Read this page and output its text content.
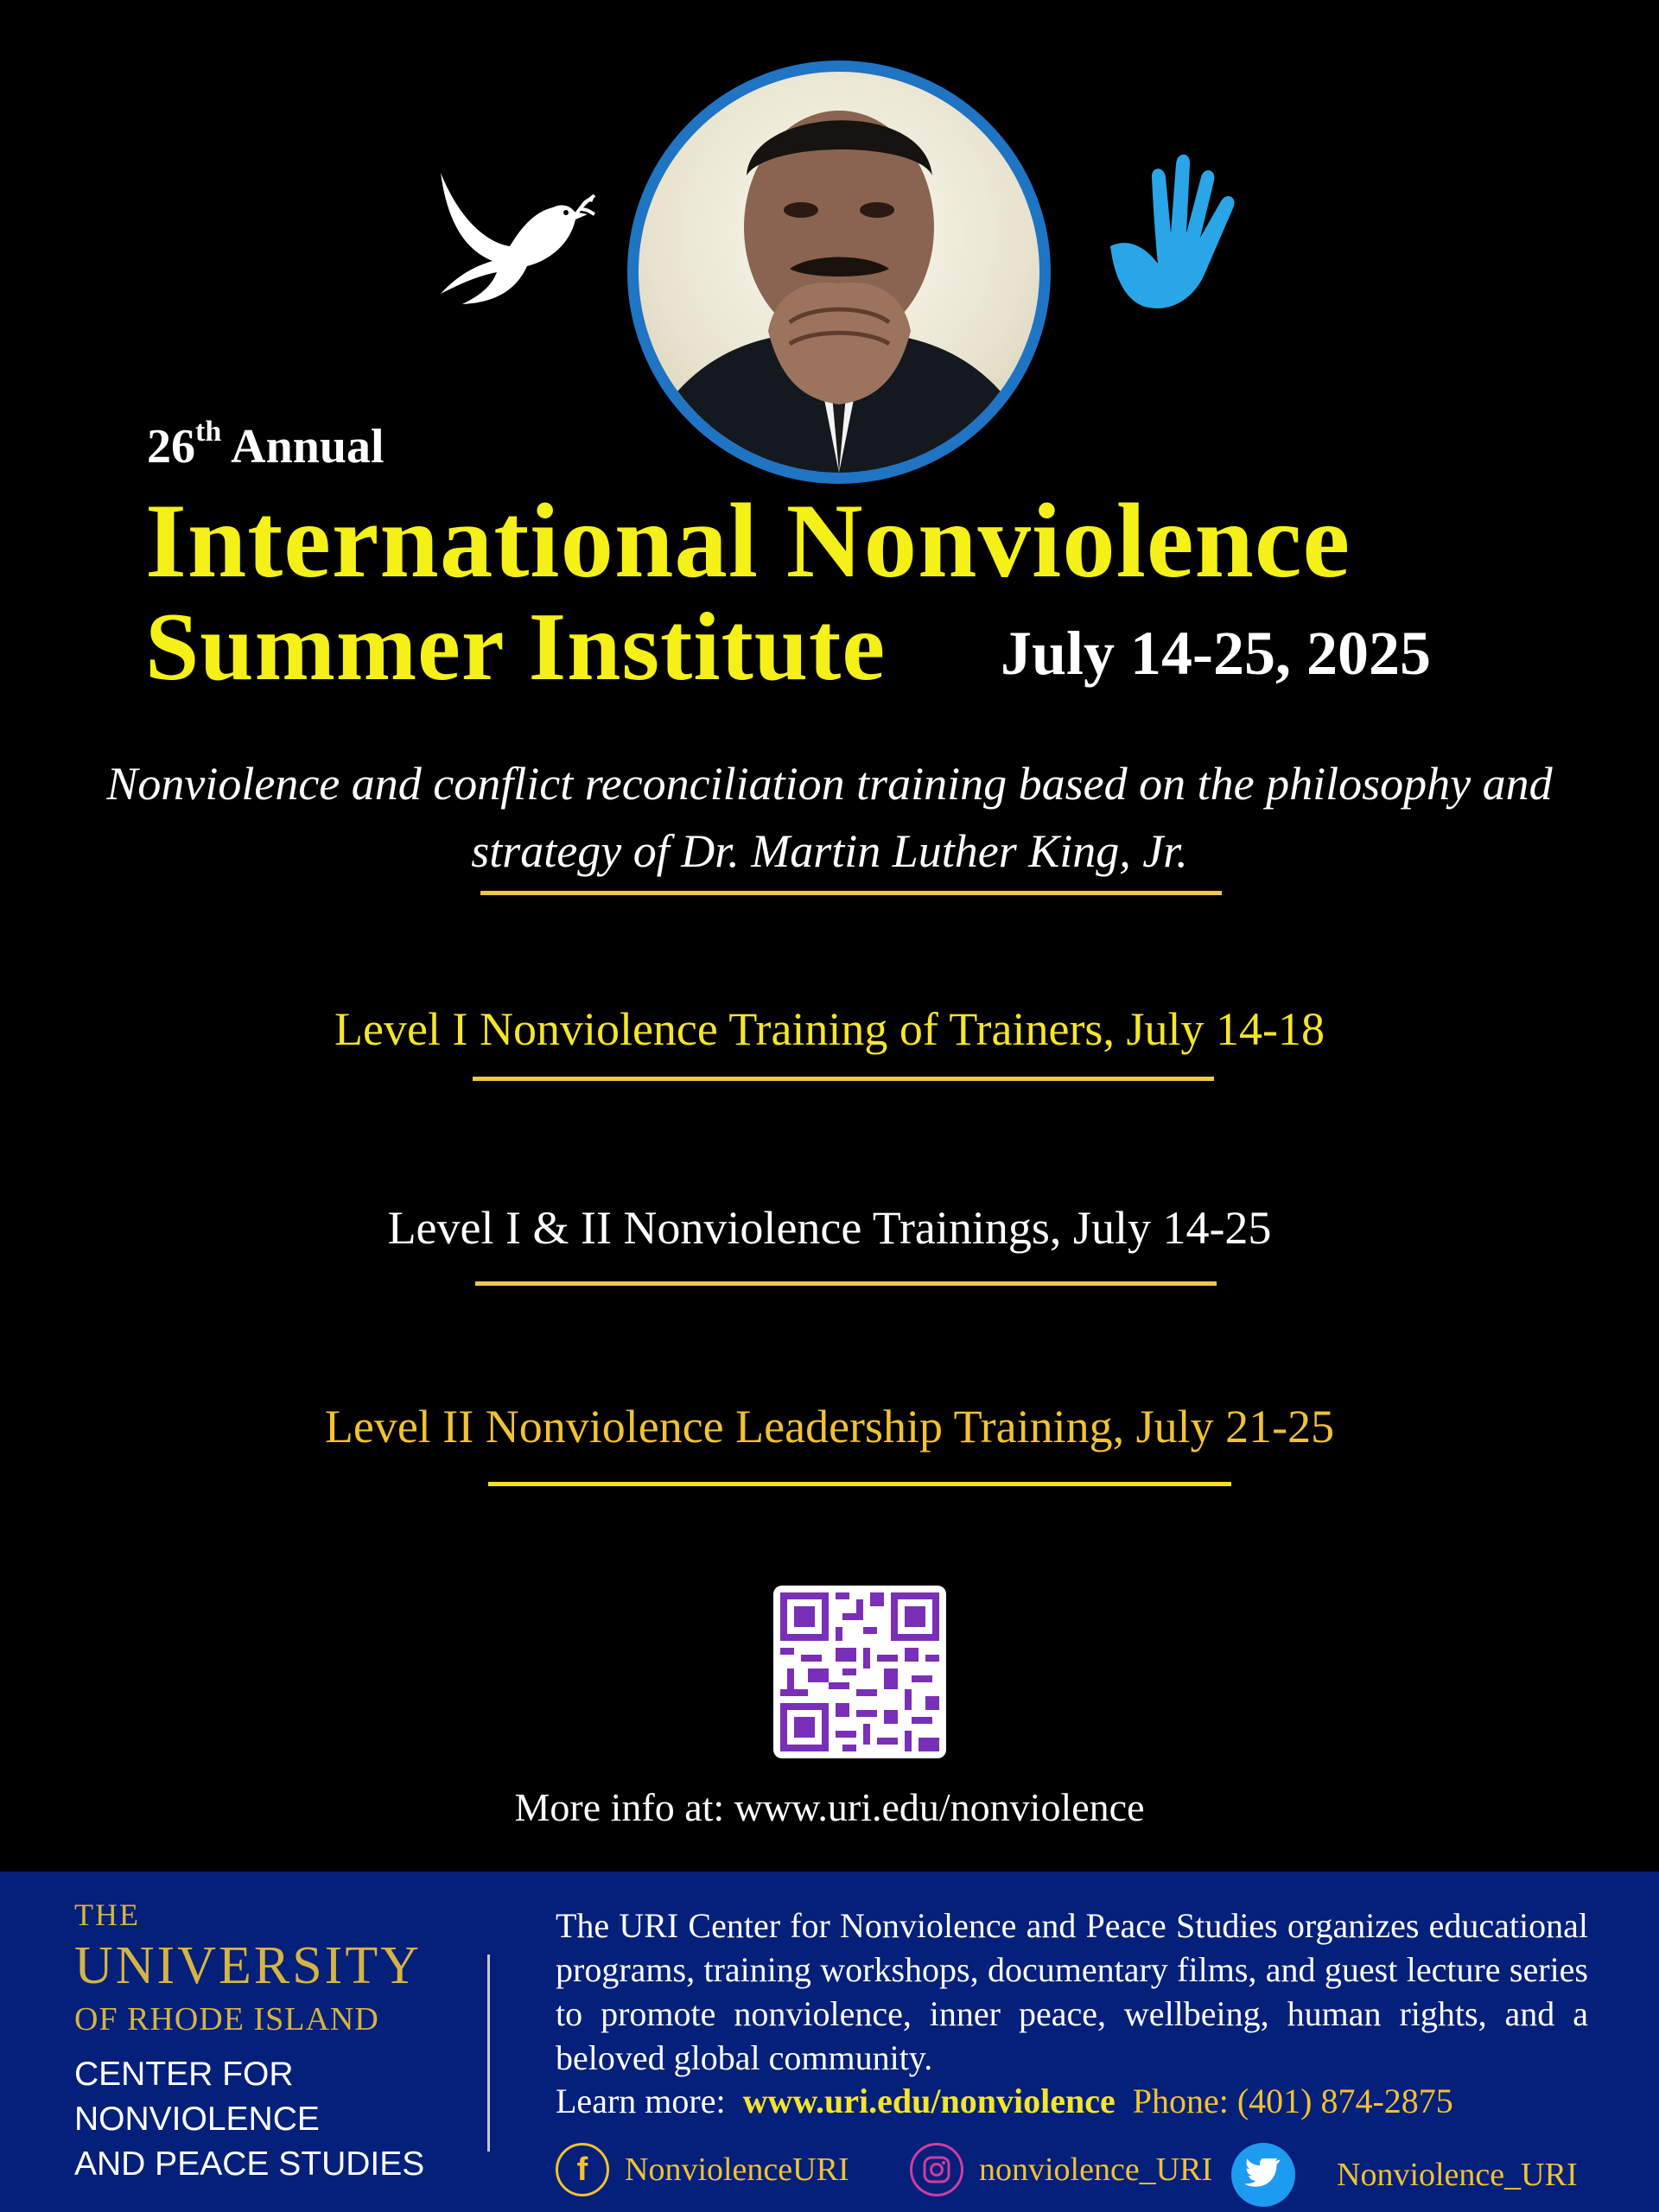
26th Annual
International Nonviolence
Summer Institute July 14-25, 2025
Nonviolence and conflict reconciliation training based on the philosophy and strategy of Dr. Martin Luther King, Jr.
Level I Nonviolence Training of Trainers, July 14-18
Level I & II Nonviolence Trainings, July 14-25
Level II Nonviolence Leadership Training, July 21-25
More info at: www.uri.edu/nonviolence
THE
UNIVERSITY
OF RHODE ISLAND
CENTER FOR
NONVIOLENCE
AND PEACE STUDIES
The URI Center for Nonviolence and Peace Studies organizes educational programs, training workshops, documentary films, and guest lecture series to promote nonviolence, inner peace, wellbeing, human rights, and a beloved global community.
Learn more: www.uri.edu/nonviolence Phone: (401) 874-2875
f	NonviolenceURI	nonviolence_URI	Nonviolence_URI
